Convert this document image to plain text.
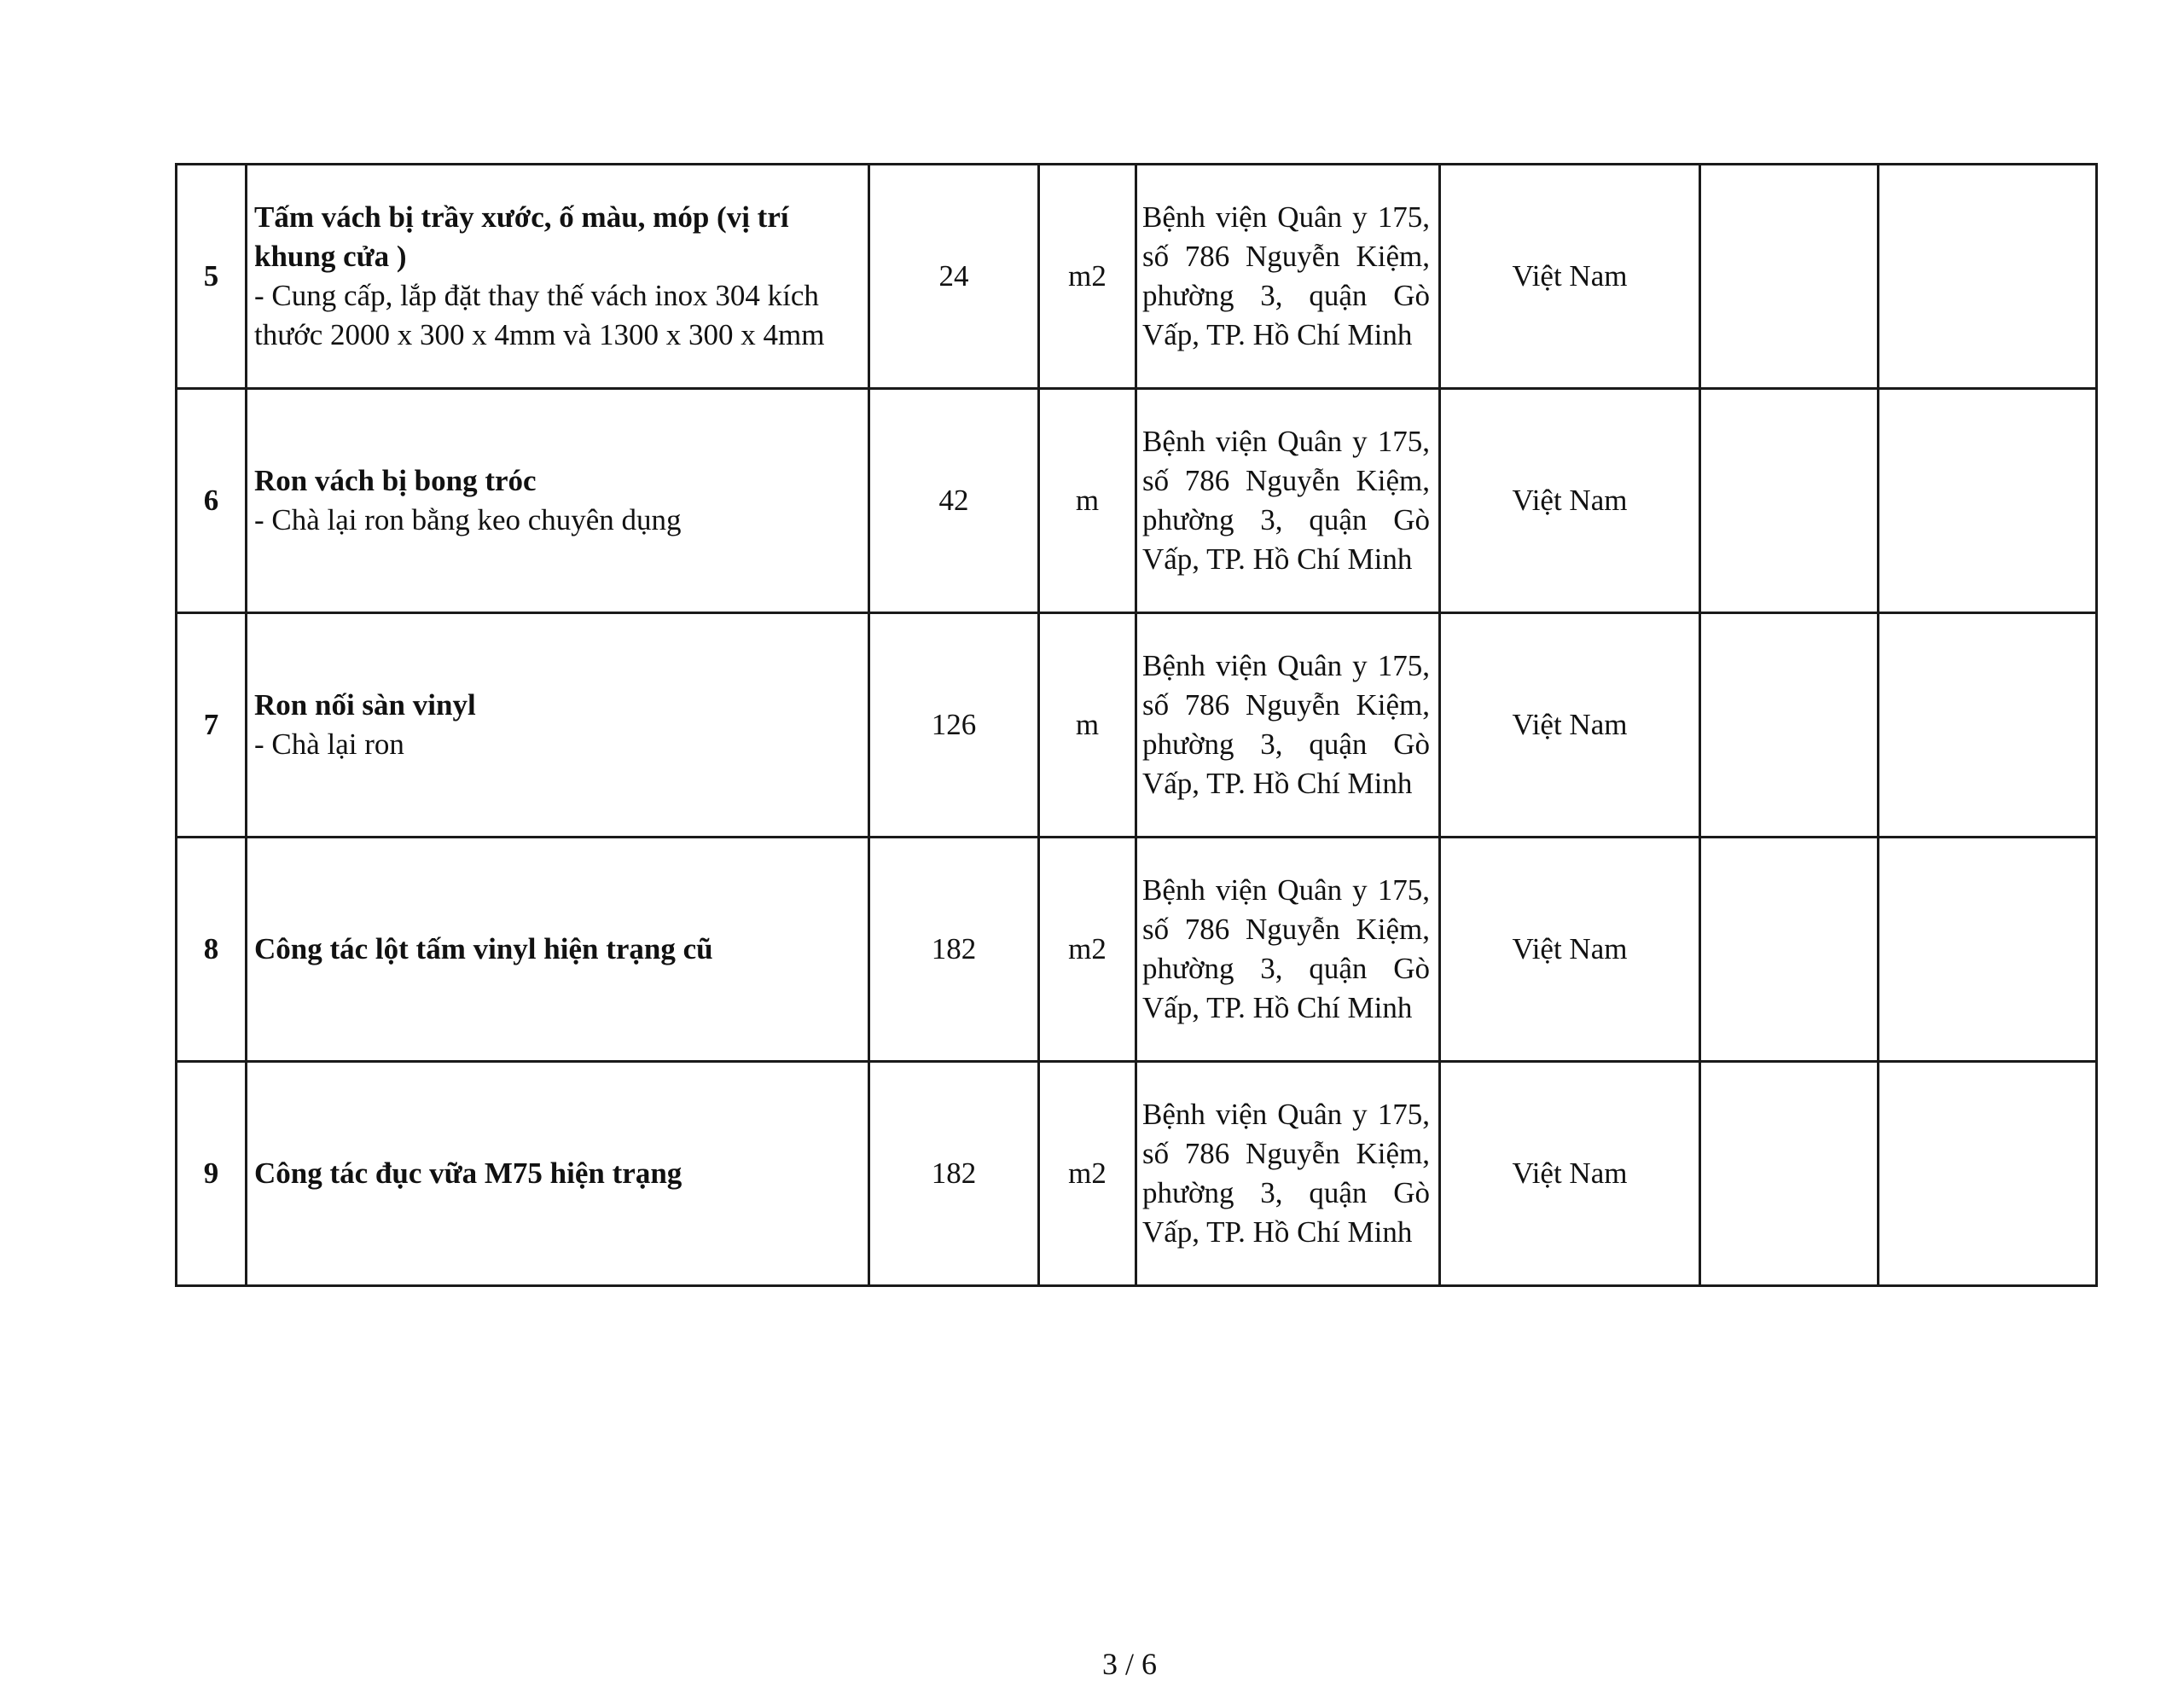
5	Tấm vách bị trầy xước, ố màu, móp (vị trí khung cửa )
- Cung cấp, lắp đặt thay thế vách inox 304 kích thước 2000 x 300 x 4mm và 1300 x 300 x 4mm	24	m2	Bệnh viện Quân y 175,
số 786 Nguyễn Kiệm,
phường 3, quận Gò
Vấp, TP. Hồ Chí Minh	Việt Nam		
6	Ron vách bị bong tróc
- Chà lại ron bằng keo chuyên dụng	42	m	Bệnh viện Quân y 175,
số 786 Nguyễn Kiệm,
phường 3, quận Gò
Vấp, TP. Hồ Chí Minh	Việt Nam		
7	Ron nối sàn vinyl
- Chà lại ron	126	m	Bệnh viện Quân y 175,
số 786 Nguyễn Kiệm,
phường 3, quận Gò
Vấp, TP. Hồ Chí Minh	Việt Nam		
8	Công tác lột tấm vinyl hiện trạng cũ	182	m2	Bệnh viện Quân y 175,
số 786 Nguyễn Kiệm,
phường 3, quận Gò
Vấp, TP. Hồ Chí Minh	Việt Nam		
9	Công tác đục vữa M75 hiện trạng	182	m2	Bệnh viện Quân y 175,
số 786 Nguyễn Kiệm,
phường 3, quận Gò
Vấp, TP. Hồ Chí Minh	Việt Nam		
3 / 6
